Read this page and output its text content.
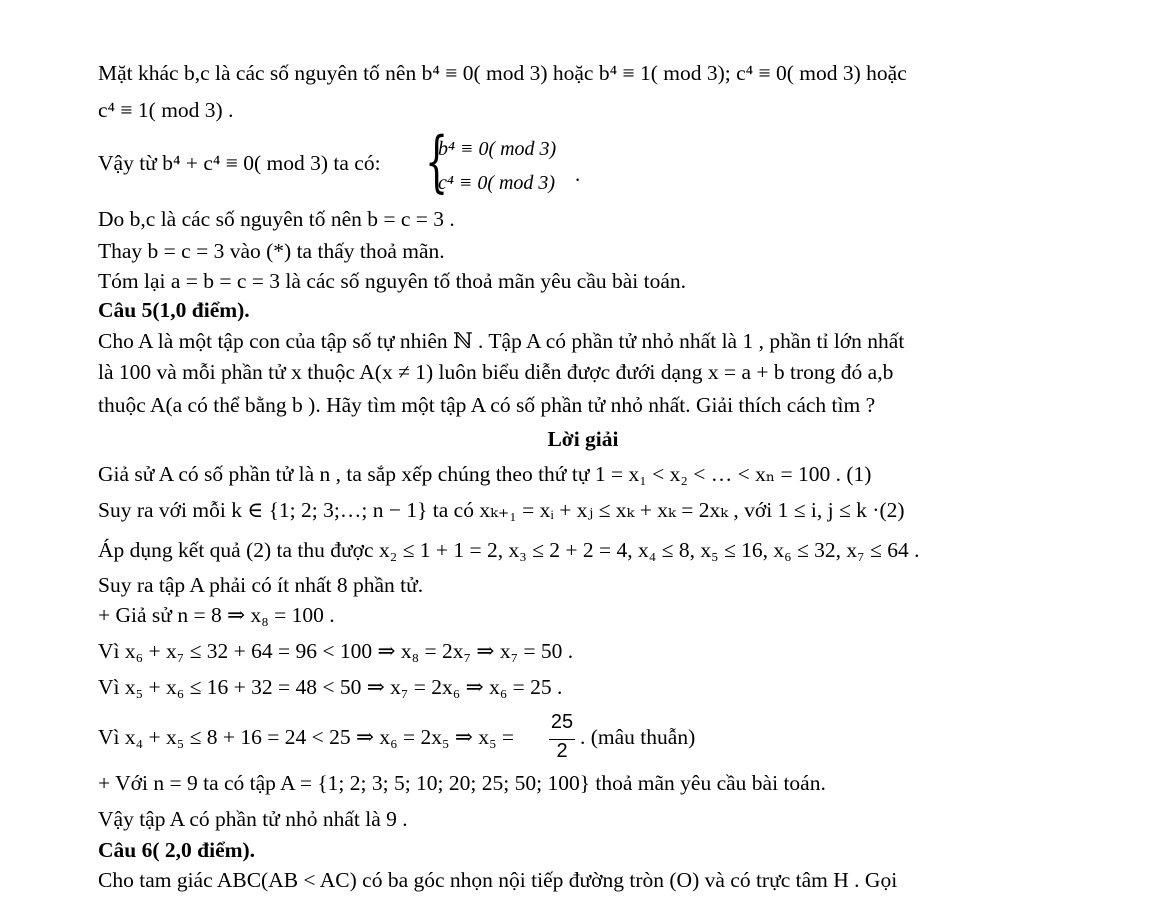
Mặt khác b,c là các số nguyên tố nên b⁴ ≡ 0( mod 3) hoặc b⁴ ≡ 1( mod 3); c⁴ ≡ 0( mod 3) hoặc
c⁴ ≡ 1( mod 3) .
Vậy từ b⁴ + c⁴ ≡ 0( mod 3) ta có: {
b⁴ ≡ 0( mod 3)
c⁴ ≡ 0( mod 3) .
Do b,c là các số nguyên tố nên b = c = 3 .
Thay b = c = 3 vào (*) ta thấy thoả mãn.
Tóm lại a = b = c = 3 là các số nguyên tố thoả mãn yêu cầu bài toán.
Câu 5(1,0 điểm).
Cho A là một tập con của tập số tự nhiên ℕ . Tập A có phần tử nhỏ nhất là 1 , phần tỉ lớn nhất
là 100 và mỗi phần tử x thuộc A(x ≠ 1) luôn biểu diễn được đưới dạng x = a + b trong đó a,b
thuộc A(a có thể bằng b ). Hãy tìm một tập A có số phần tử nhỏ nhất. Giải thích cách tìm ?
Lời giải
Giả sử A có số phần tử là n , ta sắp xếp chúng theo thứ tự 1 = x₁ < x₂ < … < xₙ = 100 . (1)
Suy ra với mỗi k ∈ {1; 2; 3;…; n − 1} ta có xₖ₊₁ = xᵢ + xⱼ ≤ xₖ + xₖ = 2xₖ , với 1 ≤ i, j ≤ k ·(2)
Áp dụng kết quả (2) ta thu được x₂ ≤ 1 + 1 = 2, x₃ ≤ 2 + 2 = 4, x₄ ≤ 8, x₅ ≤ 16, x₆ ≤ 32, x₇ ≤ 64 .
Suy ra tập A phải có ít nhất 8 phần tử.
+ Giả sử n = 8 ⇒ x₈ = 100 .
Vì x₆ + x₇ ≤ 32 + 64 = 96 < 100 ⇒ x₈ = 2x₇ ⇒ x₇ = 50 .
Vì x₅ + x₆ ≤ 16 + 32 = 48 < 50 ⇒ x₇ = 2x₆ ⇒ x₆ = 25 .
Vì x₄ + x₅ ≤ 8 + 16 = 24 < 25 ⇒ x₆ = 2x₅ ⇒ x₅ =
25
2
. (mâu thuẫn)
+ Với n = 9 ta có tập A = {1; 2; 3; 5; 10; 20; 25; 50; 100} thoả mãn yêu cầu bài toán.
Vậy tập A có phần tử nhỏ nhất là 9 .
Câu 6( 2,0 điểm).
Cho tam giác ABC(AB < AC) có ba góc nhọn nội tiếp đường tròn (O) và có trực tâm H . Gọi
